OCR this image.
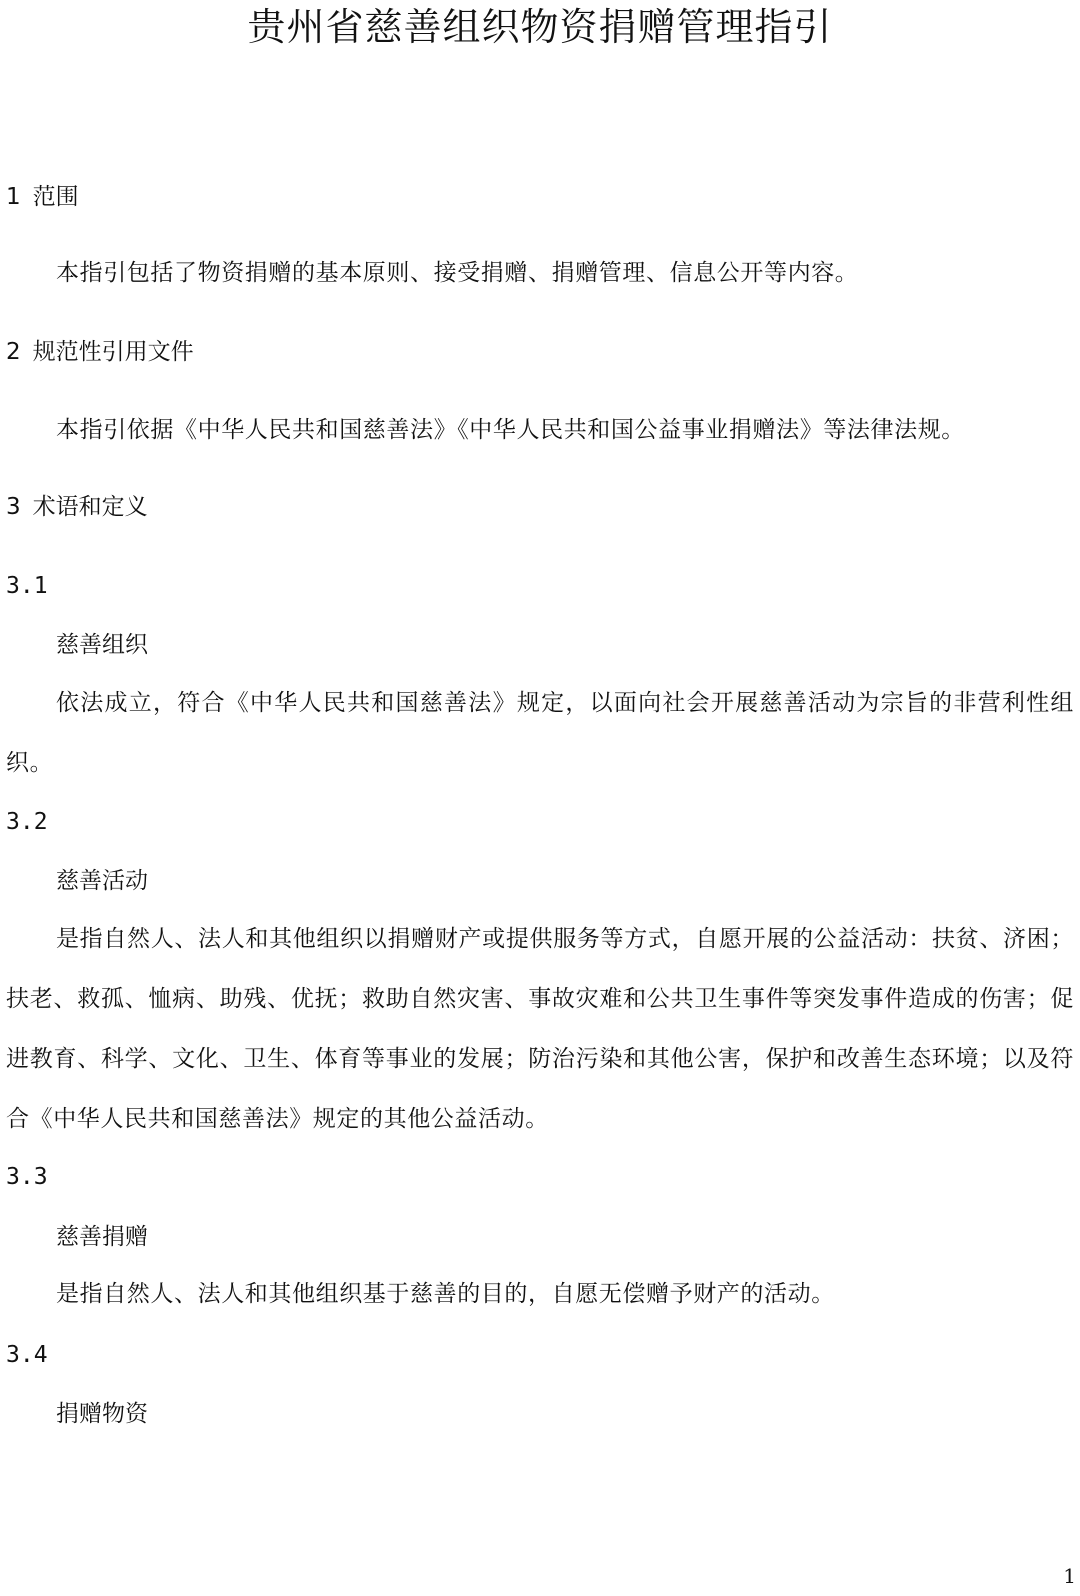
贵州省慈善组织物资捐赠管理指引
1 范围

本指引包括了物资捐赠的基本原则、接受捐赠、捐赠管理、信息公开等内容。

2 规范性引用文件

本指引依据《中华人民共和国慈善法》《中华人民共和国公益事业捐赠法》等法律法规。

3 术语和定义
3.1
慈善组织

依法成立，符合《中华人民共和国慈善法》规定，以面向社会开展慈善活动为宗旨的非营利性组织。

3.2
慈善活动

是指自然人、法人和其他组织以捐赠财产或提供服务等方式，自愿开展的公益活动：扶贫、济困；扶老、救孤、恤病、助残、优抚；救助自然灾害、事故灾难和公共卫生事件等突发事件造成的伤害；促进教育、科学、文化、卫生、体育等事业的发展；防治污染和其他公害，保护和改善生态环境；以及符合《中华人民共和国慈善法》规定的其他公益活动。

3.3
慈善捐赠

是指自然人、法人和其他组织基于慈善的目的，自愿无偿赠予财产的活动。

3.4
捐赠物资
1
